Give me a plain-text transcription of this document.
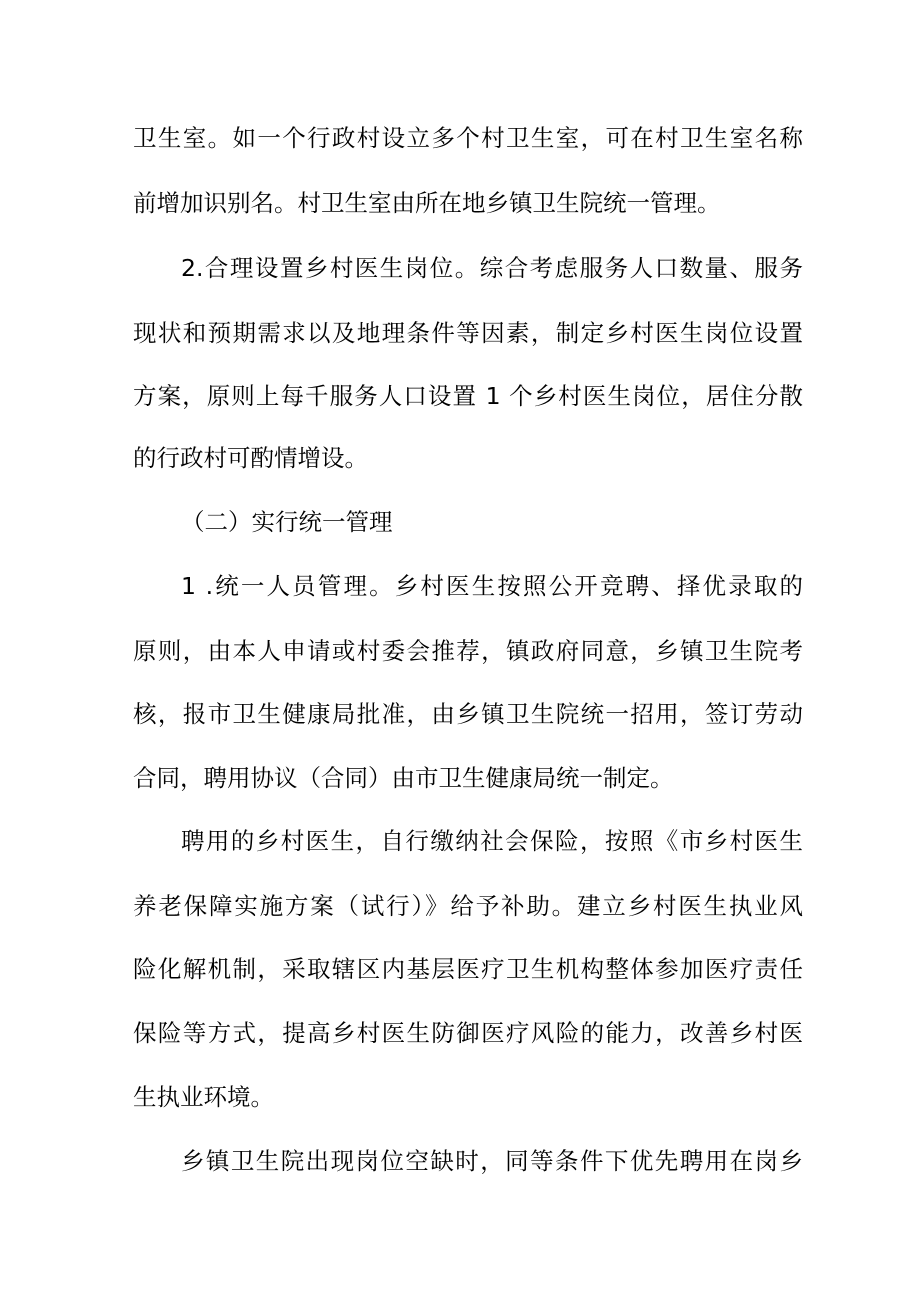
卫生室。如一个行政村设立多个村卫生室，可在村卫生室名称
前增加识别名。村卫生室由所在地乡镇卫生院统一管理。
2.合理设置乡村医生岗位。综合考虑服务人口数量、服务
现状和预期需求以及地理条件等因素，制定乡村医生岗位设置
方案，原则上每千服务人口设置 1 个乡村医生岗位，居住分散
的行政村可酌情增设。
（二）实行统一管理
1 .统一人员管理。乡村医生按照公开竞聘、择优录取的
原则，由本人申请或村委会推荐，镇政府同意，乡镇卫生院考
核，报市卫生健康局批准，由乡镇卫生院统一招用，签订劳动
合同，聘用协议（合同）由市卫生健康局统一制定。
聘用的乡村医生，自行缴纳社会保险，按照《市乡村医生
养老保障实施方案（试行）》给予补助。建立乡村医生执业风
险化解机制，采取辖区内基层医疗卫生机构整体参加医疗责任
保险等方式，提高乡村医生防御医疗风险的能力，改善乡村医
生执业环境。
乡镇卫生院出现岗位空缺时，同等条件下优先聘用在岗乡
